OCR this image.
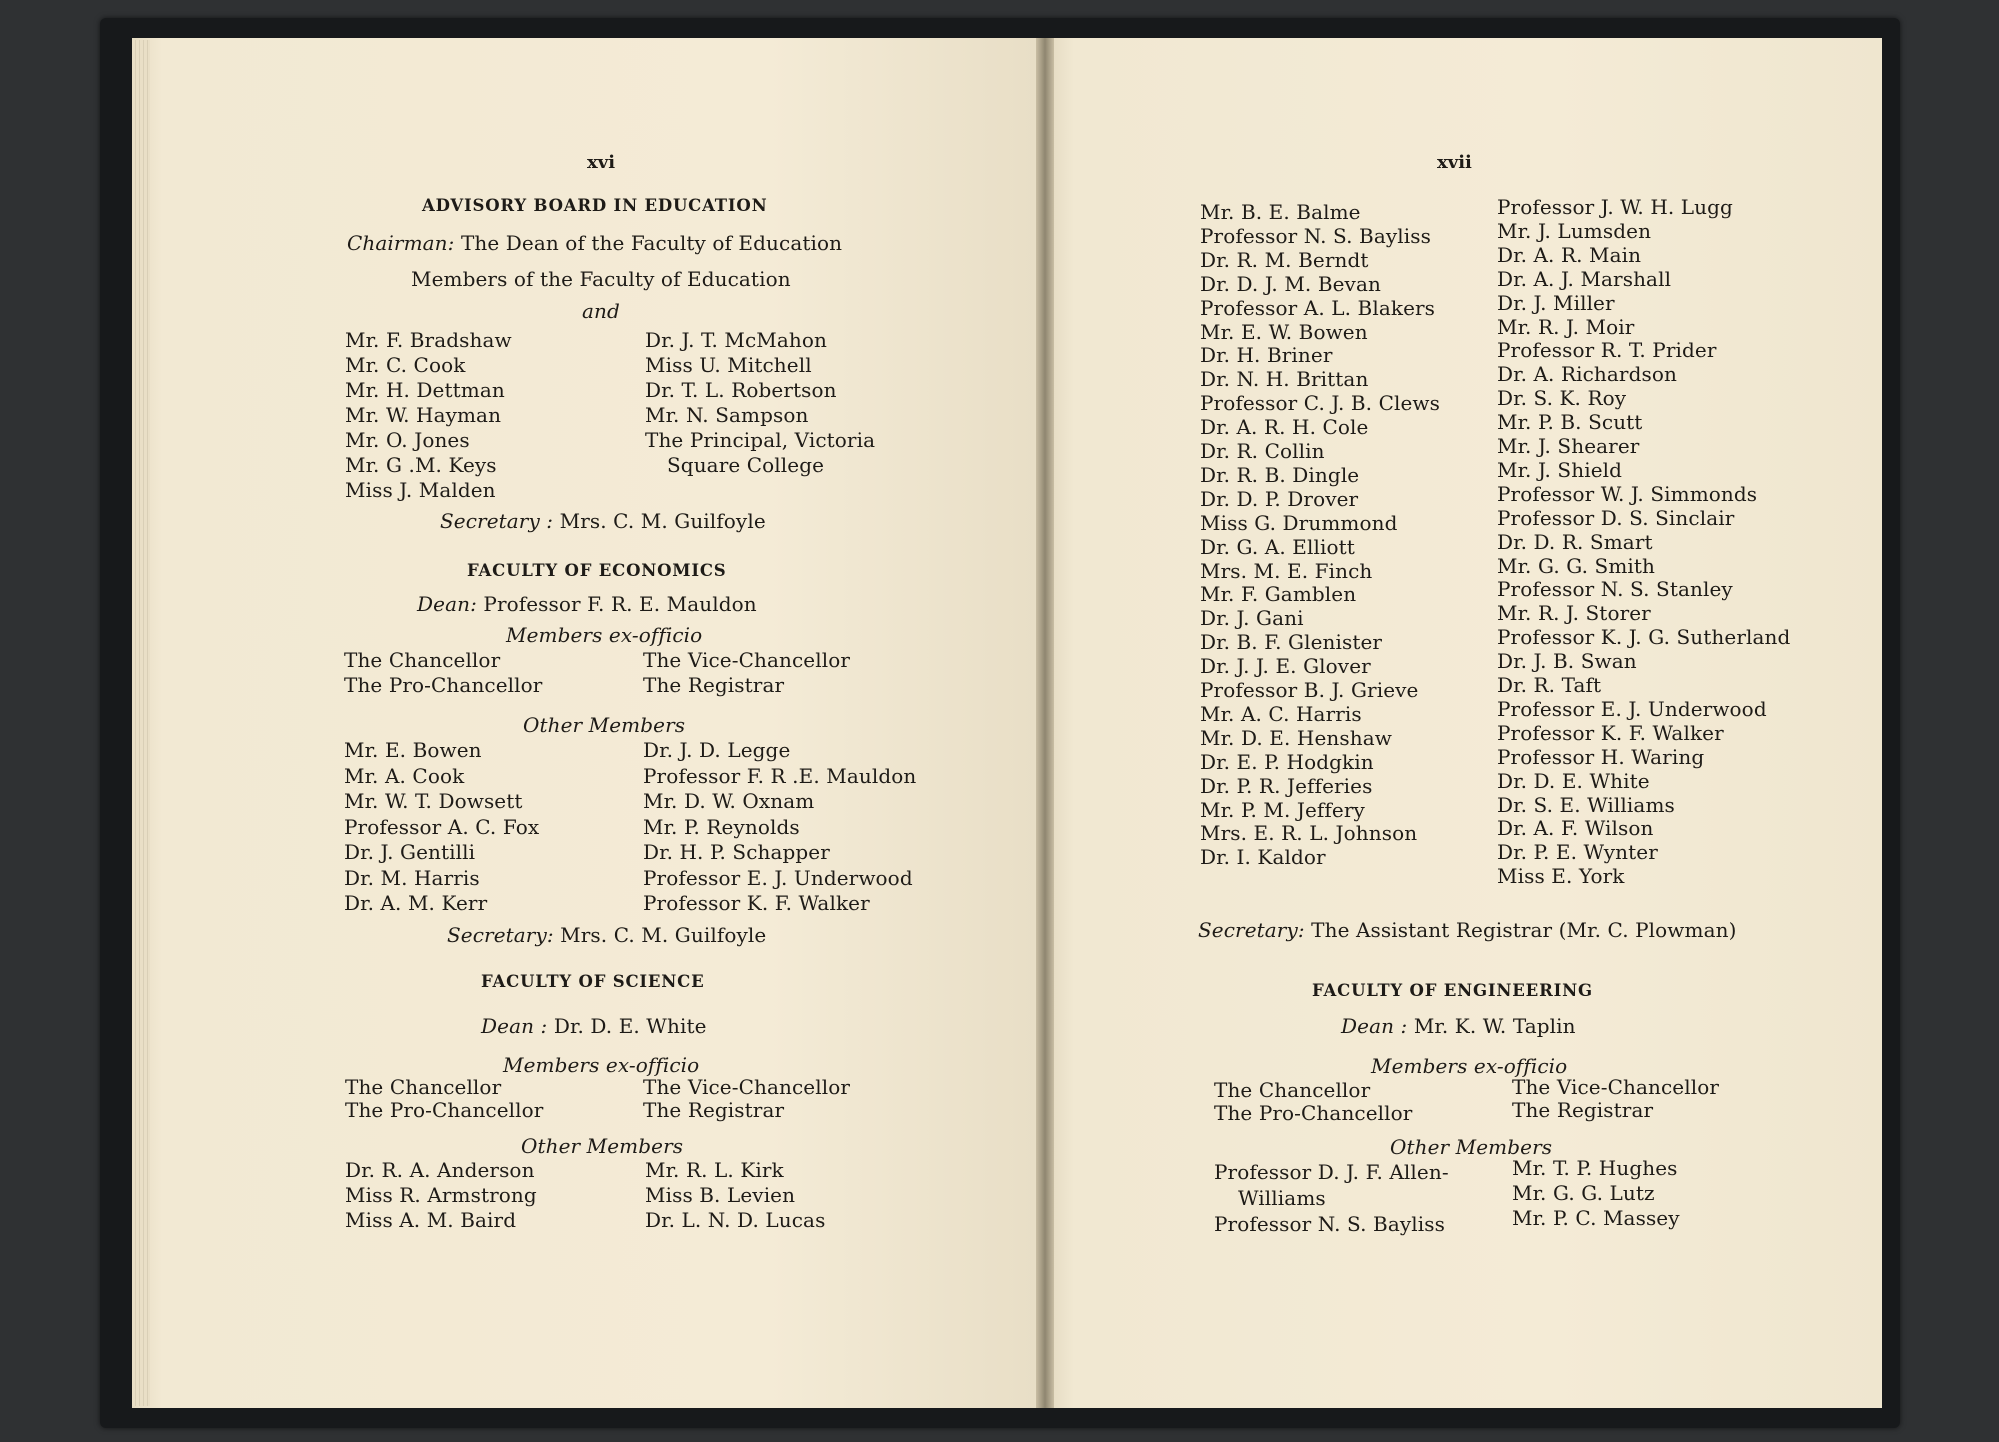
xvi
ADVISORY BOARD IN EDUCATION
Chairman: The Dean of the Faculty of Education
Members of the Faculty of Education
and
Mr. F. Bradshaw
Mr. C. Cook
Mr. H. Dettman
Mr. W. Hayman
Mr. O. Jones
Mr. G .M. Keys
Miss J. Malden
Dr. J. T. McMahon
Miss U. Mitchell
Dr. T. L. Robertson
Mr. N. Sampson
The Principal, Victoria
Square College
Secretary : Mrs. C. M. Guilfoyle
FACULTY OF ECONOMICS
Dean: Professor F. R. E. Mauldon
Members ex-officio
The Chancellor
The Pro-Chancellor
The Vice-Chancellor
The Registrar
Other Members
Mr. E. Bowen
Mr. A. Cook
Mr. W. T. Dowsett
Professor A. C. Fox
Dr. J. Gentilli
Dr. M. Harris
Dr. A. M. Kerr
Dr. J. D. Legge
Professor F. R .E. Mauldon
Mr. D. W. Oxnam
Mr. P. Reynolds
Dr. H. P. Schapper
Professor E. J. Underwood
Professor K. F. Walker
Secretary: Mrs. C. M. Guilfoyle
FACULTY OF SCIENCE
Dean : Dr. D. E. White
Members ex-officio
The Chancellor
The Pro-Chancellor
The Vice-Chancellor
The Registrar
Other Members
Dr. R. A. Anderson
Miss R. Armstrong
Miss A. M. Baird
Mr. R. L. Kirk
Miss B. Levien
Dr. L. N. D. Lucas
xvii
Mr. B. E. Balme
Professor N. S. Bayliss
Dr. R. M. Berndt
Dr. D. J. M. Bevan
Professor A. L. Blakers
Mr. E. W. Bowen
Dr. H. Briner
Dr. N. H. Brittan
Professor C. J. B. Clews
Dr. A. R. H. Cole
Dr. R. Collin
Dr. R. B. Dingle
Dr. D. P. Drover
Miss G. Drummond
Dr. G. A. Elliott
Mrs. M. E. Finch
Mr. F. Gamblen
Dr. J. Gani
Dr. B. F. Glenister
Dr. J. J. E. Glover
Professor B. J. Grieve
Mr. A. C. Harris
Mr. D. E. Henshaw
Dr. E. P. Hodgkin
Dr. P. R. Jefferies
Mr. P. M. Jeffery
Mrs. E. R. L. Johnson
Dr. I. Kaldor
Professor J. W. H. Lugg
Mr. J. Lumsden
Dr. A. R. Main
Dr. A. J. Marshall
Dr. J. Miller
Mr. R. J. Moir
Professor R. T. Prider
Dr. A. Richardson
Dr. S. K. Roy
Mr. P. B. Scutt
Mr. J. Shearer
Mr. J. Shield
Professor W. J. Simmonds
Professor D. S. Sinclair
Dr. D. R. Smart
Mr. G. G. Smith
Professor N. S. Stanley
Mr. R. J. Storer
Professor K. J. G. Sutherland
Dr. J. B. Swan
Dr. R. Taft
Professor E. J. Underwood
Professor K. F. Walker
Professor H. Waring
Dr. D. E. White
Dr. S. E. Williams
Dr. A. F. Wilson
Dr. P. E. Wynter
Miss E. York
Secretary: The Assistant Registrar (Mr. C. Plowman)
FACULTY OF ENGINEERING
Dean : Mr. K. W. Taplin
Members ex-officio
The Chancellor
The Pro-Chancellor
The Vice-Chancellor
The Registrar
Other Members
Professor D. J. F. Allen-
Williams
Professor N. S. Bayliss
Mr. T. P. Hughes
Mr. G. G. Lutz
Mr. P. C. Massey
